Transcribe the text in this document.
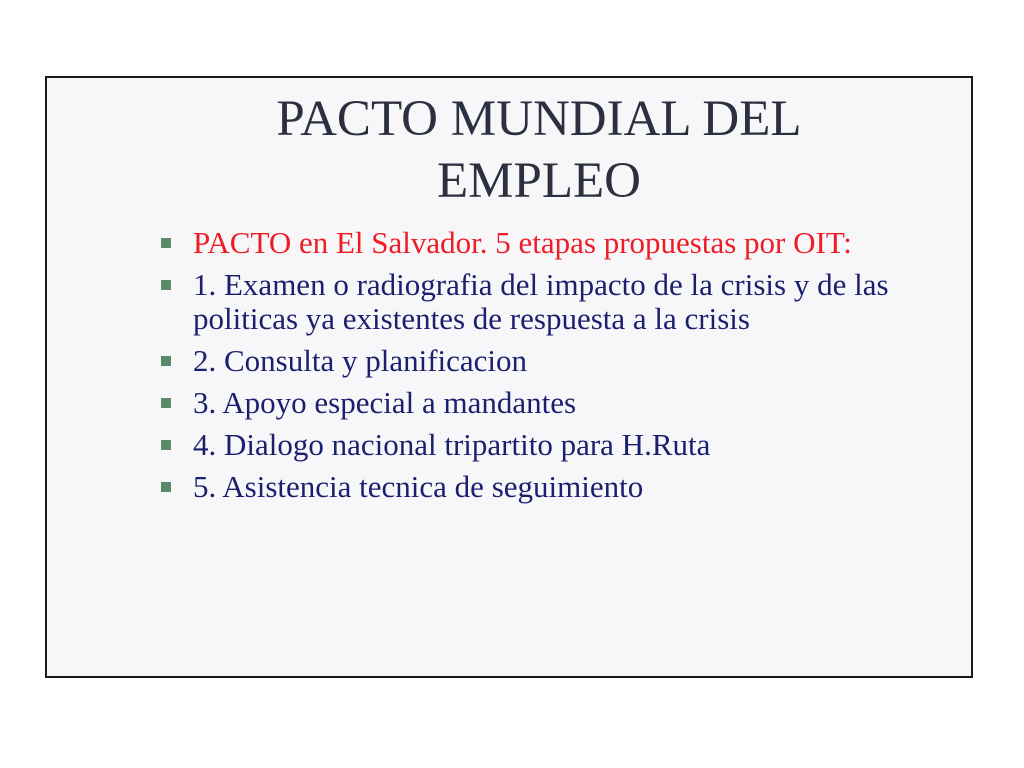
PACTO MUNDIAL DEL
EMPLEO
PACTO en El Salvador. 5 etapas propuestas por OIT:
1. Examen o radiografia del impacto de la crisis y de las politicas ya existentes de respuesta a la crisis
2. Consulta y planificacion
3. Apoyo especial a mandantes
4. Dialogo nacional tripartito para H.Ruta
5. Asistencia tecnica de seguimiento
